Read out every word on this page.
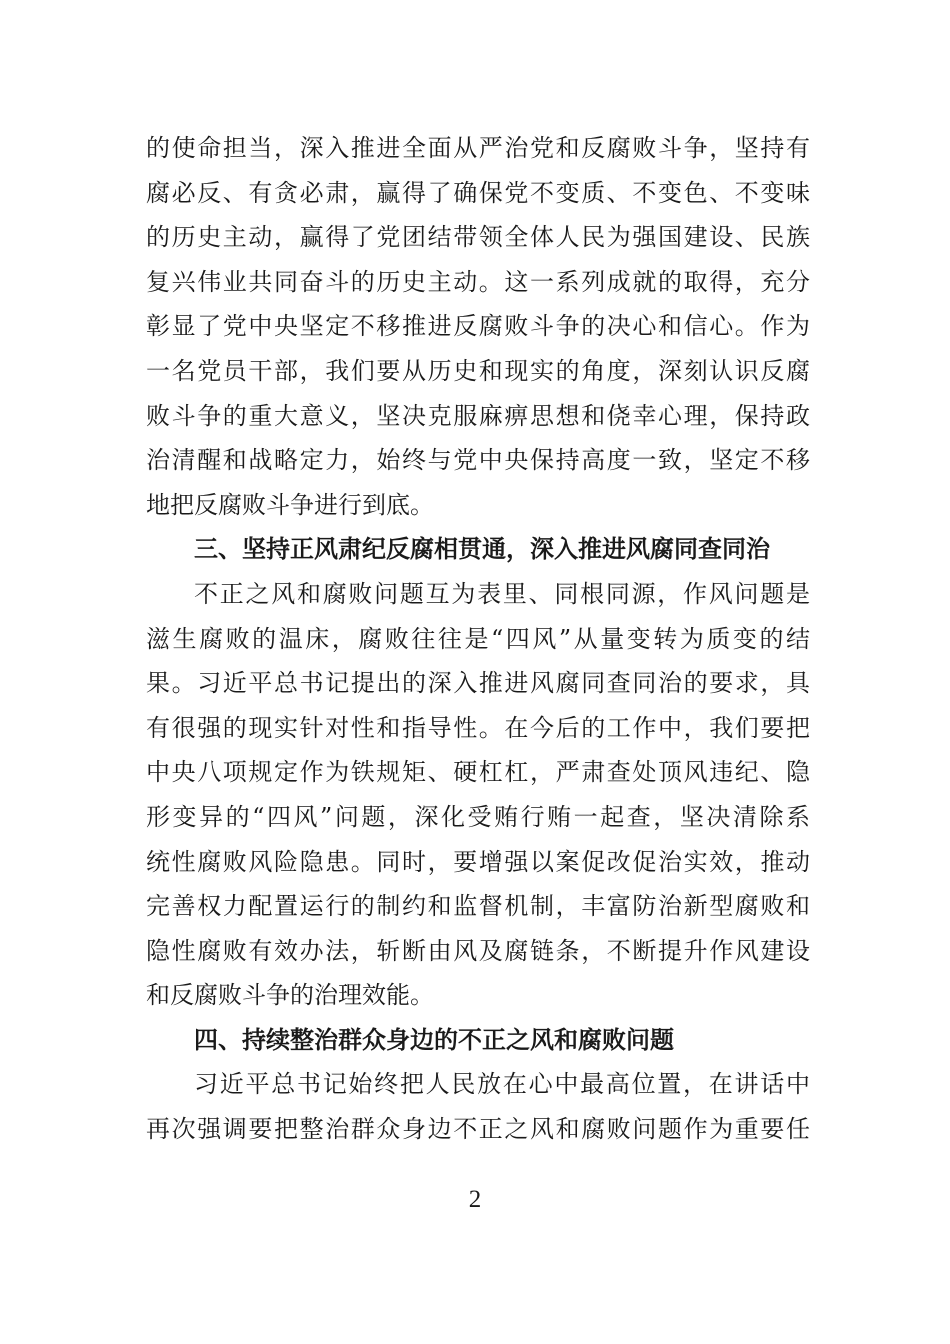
的使命担当，深入推进全面从严治党和反腐败斗争，坚持有
腐必反、有贪必肃，赢得了确保党不变质、不变色、不变味
的历史主动，赢得了党团结带领全体人民为强国建设、民族
复兴伟业共同奋斗的历史主动。这一系列成就的取得，充分
彰显了党中央坚定不移推进反腐败斗争的决心和信心。作为
一名党员干部，我们要从历史和现实的角度，深刻认识反腐
败斗争的重大意义，坚决克服麻痹思想和侥幸心理，保持政
治清醒和战略定力，始终与党中央保持高度一致，坚定不移
地把反腐败斗争进行到底。
三、坚持正风肃纪反腐相贯通，深入推进风腐同查同治
不正之风和腐败问题互为表里、同根同源，作风问题是
滋生腐败的温床，腐败往往是“四风”从量变转为质变的结
果。习近平总书记提出的深入推进风腐同查同治的要求，具
有很强的现实针对性和指导性。在今后的工作中，我们要把
中央八项规定作为铁规矩、硬杠杠，严肃查处顶风违纪、隐
形变异的“四风”问题，深化受贿行贿一起查，坚决清除系
统性腐败风险隐患。同时，要增强以案促改促治实效，推动
完善权力配置运行的制约和监督机制，丰富防治新型腐败和
隐性腐败有效办法，斩断由风及腐链条，不断提升作风建设
和反腐败斗争的治理效能。
四、持续整治群众身边的不正之风和腐败问题
习近平总书记始终把人民放在心中最高位置，在讲话中
再次强调要把整治群众身边不正之风和腐败问题作为重要任
2
